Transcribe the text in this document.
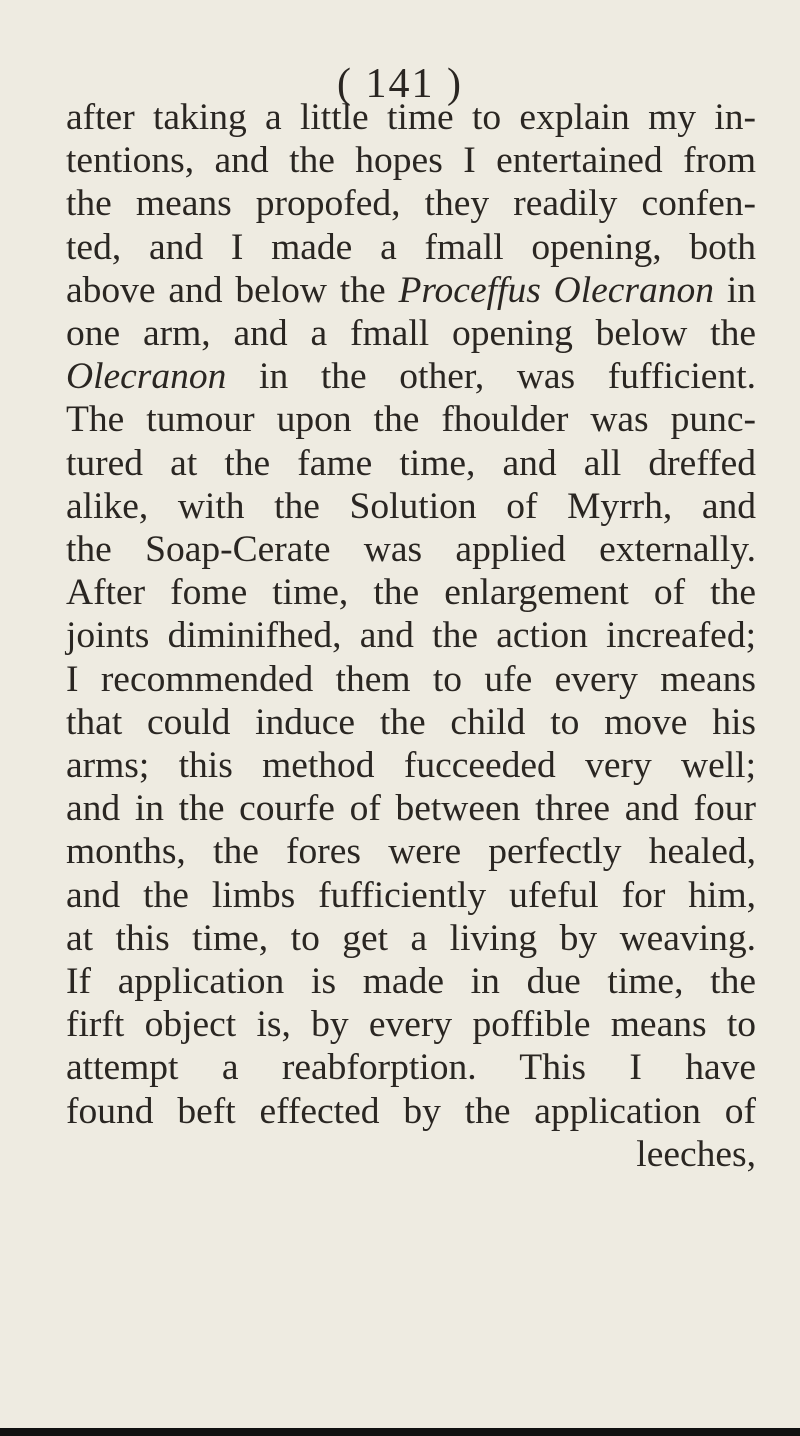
( 141 )
after taking a little time to explain my in-
tentions, and the hopes I entertained from
the means propofed, they readily confen-
ted, and I made a fmall opening, both
above and below the Proceffus Olecranon in
one arm, and a fmall opening below the
Olecranon in the other, was fufficient.
The tumour upon the fhoulder was punc-
tured at the fame time, and all dreffed
alike, with the Solution of Myrrh, and
the Soap-Cerate was applied externally.
After fome time, the enlargement of the
joints diminifhed, and the action increafed;
I recommended them to ufe every means
that could induce the child to move his
arms; this method fucceeded very well;
and in the courfe of between three and four
months, the fores were perfectly healed,
and the limbs fufficiently ufeful for him,
at this time, to get a living by weaving.
If application is made in due time, the
firft object is, by every poffible means to
attempt a reabforption. This I have
found beft effected by the application of
leeches,
